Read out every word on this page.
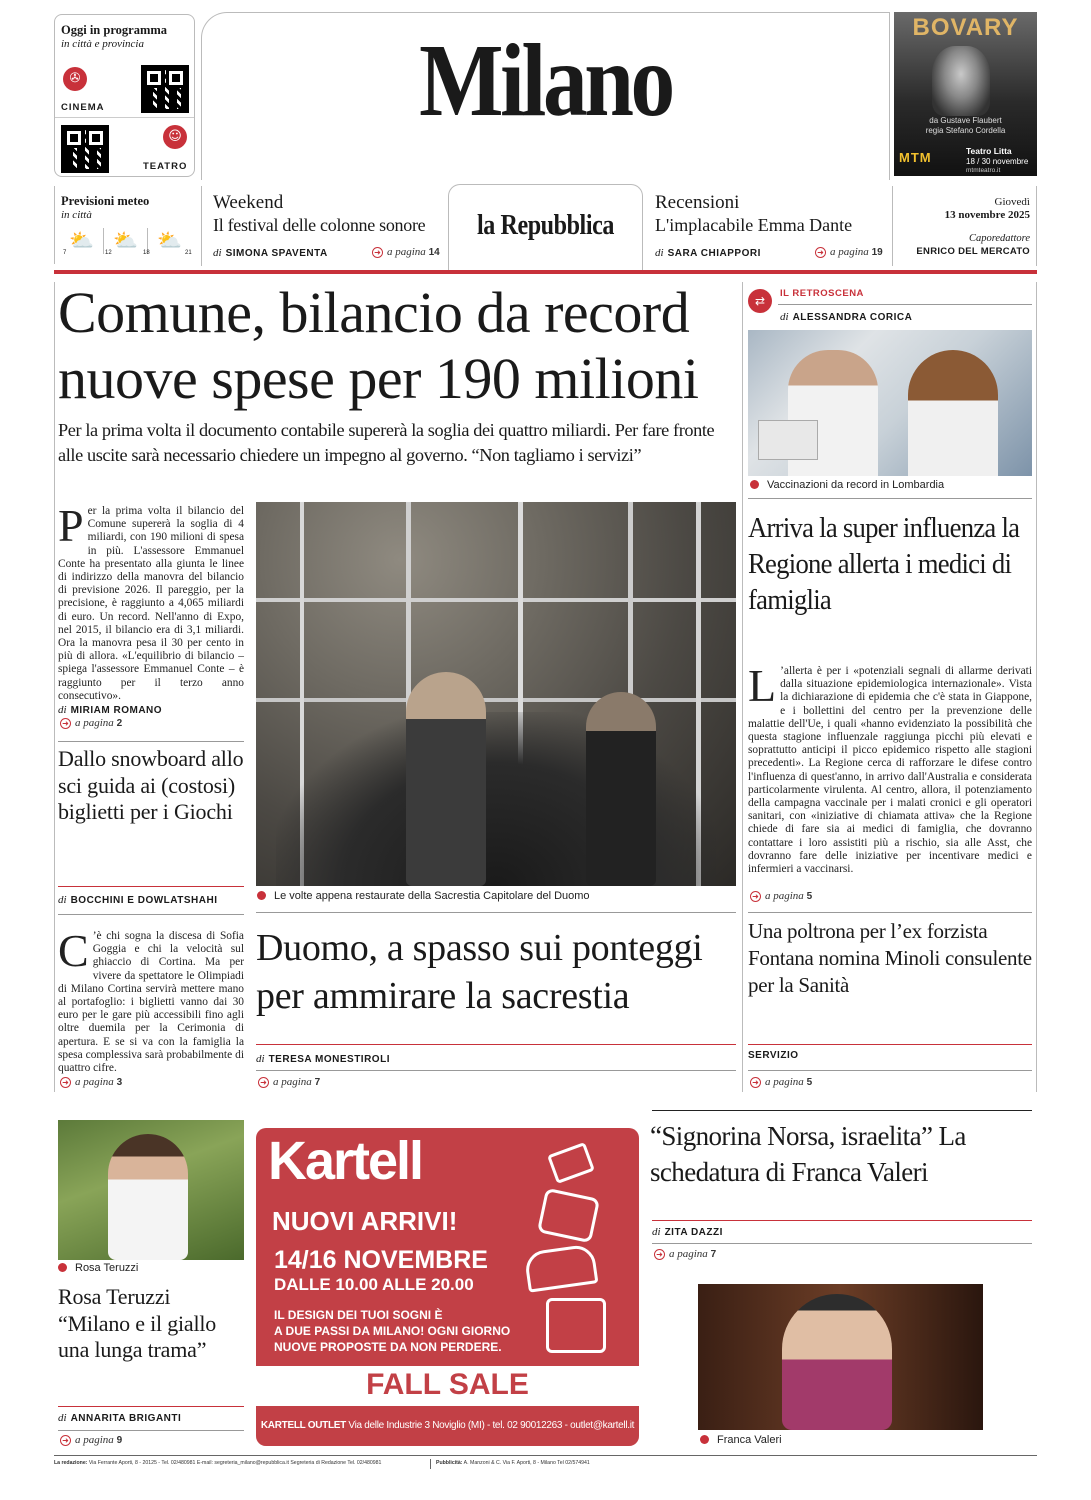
Oggi in programma
in città e provincia
✇
CINEMA
☺
TEATRO
Milano	BOVARY
da Gustave Flaubert
regia Stefano Cordella
MTM	Teatro Litta
18 / 30 novembre
mtmteatro.it
Previsioni meteo
in città
⛅ ⛅ ⛅
7	12	18	21
Weekend
Il festival delle colonne sonore
di SIMONA SPAVENTA	➜ a pagina 14
la Repubblica
Recensioni
L'implacabile Emma Dante
di SARA CHIAPPORI	➜ a pagina 19
Giovedì
13 novembre 2025
Caporedattore
ENRICO DEL MERCATO
Comune, bilancio da record
nuove spese per 190 milioni
Per la prima volta il documento contabile supererà la soglia dei quattro miliardi. Per fare fronte alle uscite sarà necessario chiedere un impegno al governo. “Non tagliamo i servizi”
Per la prima volta il bilancio del Comune supererà la soglia di 4 miliardi, con 190 milioni di spesa in più. L'assessore Emmanuel Conte ha presentato alla giunta le linee di indirizzo della manovra del bilancio di previsione 2026. Il pareggio, per la precisione, è raggiunto a 4,065 miliardi di euro. Un record. Nell'anno di Expo, nel 2015, il bilancio era di 3,1 miliardi. Ora la manovra pesa il 30 per cento in più di allora. «L'equilibrio di bilancio – spiega l'assessore Emmanuel Conte – è raggiunto per il terzo anno consecutivo».
di MIRIAM ROMANO
➜ a pagina 2
Dallo snowboard allo sci guida ai (costosi) biglietti per i Giochi
di BOCCHINI E DOWLATSHAHI
C ’è chi sogna la discesa di Sofia Goggia e chi la velocità sul ghiaccio di Cortina. Ma per vivere da spettatore le Olimpiadi di Milano Cortina servirà mettere mano al portafoglio: i biglietti vanno dai 30 euro per le gare più accessibili fino agli oltre duemila per la Cerimonia di apertura. E se si va con la famiglia la spesa complessiva sarà probabilmente di quattro cifre.
➜ a pagina 3
Le volte appena restaurate della Sacrestia Capitolare del Duomo
Duomo, a spasso sui ponteggi per ammirare la sacrestia
di TERESA MONESTIROLI
➜ a pagina 7
⇄
IL RETROSCENA
di ALESSANDRA CORICA
Vaccinazioni da record in Lombardia
Arriva la super influenza la Regione allerta i medici di famiglia
L ’allerta è per i «potenziali segnali di allarme derivati dalla situazione epidemiologica internazionale». Vista la dichiarazione di epidemia che c'è stata in Giappone, e i bollettini del centro per la prevenzione delle malattie dell'Ue, i quali «hanno evidenziato la possibilità che questa stagione influenzale raggiunga picchi più elevati e soprattutto anticipi il picco epidemico rispetto alle stagioni precedenti». La Regione cerca di rafforzare le difese contro l'influenza di quest'anno, in arrivo dall'Australia e considerata particolarmente virulenta. Al centro, allora, il potenziamento della campagna vaccinale per i malati cronici e gli operatori sanitari, con «iniziative di chiamata attiva» che la Regione chiede di fare sia ai medici di famiglia, che dovranno contattare i loro assistiti più a rischio, sia alle Asst, che dovranno fare delle iniziative per incentivare medici e infermieri a vaccinarsi.
➜ a pagina 5
Una poltrona per l’ex forzista Fontana nomina Minoli consulente per la Sanità
SERVIZIO
➜ a pagina 5
Rosa Teruzzi
Rosa Teruzzi “Milano e il giallo una lunga trama”
di ANNARITA BRIGANTI
➜ a pagina 9
Kartell
NUOVI ARRIVI!
14/16 NOVEMBRE
DALLE 10.00 ALLE 20.00
IL DESIGN DEI TUOI SOGNI È
A DUE PASSI DA MILANO! OGNI GIORNO
NUOVE PROPOSTE DA NON PERDERE.
FALL SALE
KARTELL OUTLET Via delle Industrie 3 Noviglio (MI) - tel. 02 90012263 - outlet@kartell.it
“Signorina Norsa, israelita” La schedatura di Franca Valeri
di ZITA DAZZI
➜ a pagina 7
Franca Valeri
La redazione: Via Ferrante Aporti, 8 - 20125 - Tel. 02/480981 E-mail: segreteria_milano@repubblica.it Segreteria di Redazione Tel. 02/480981	Pubblicità: A. Manzoni & C. Via F. Aporti, 8 - Milano Tel 02/574941
